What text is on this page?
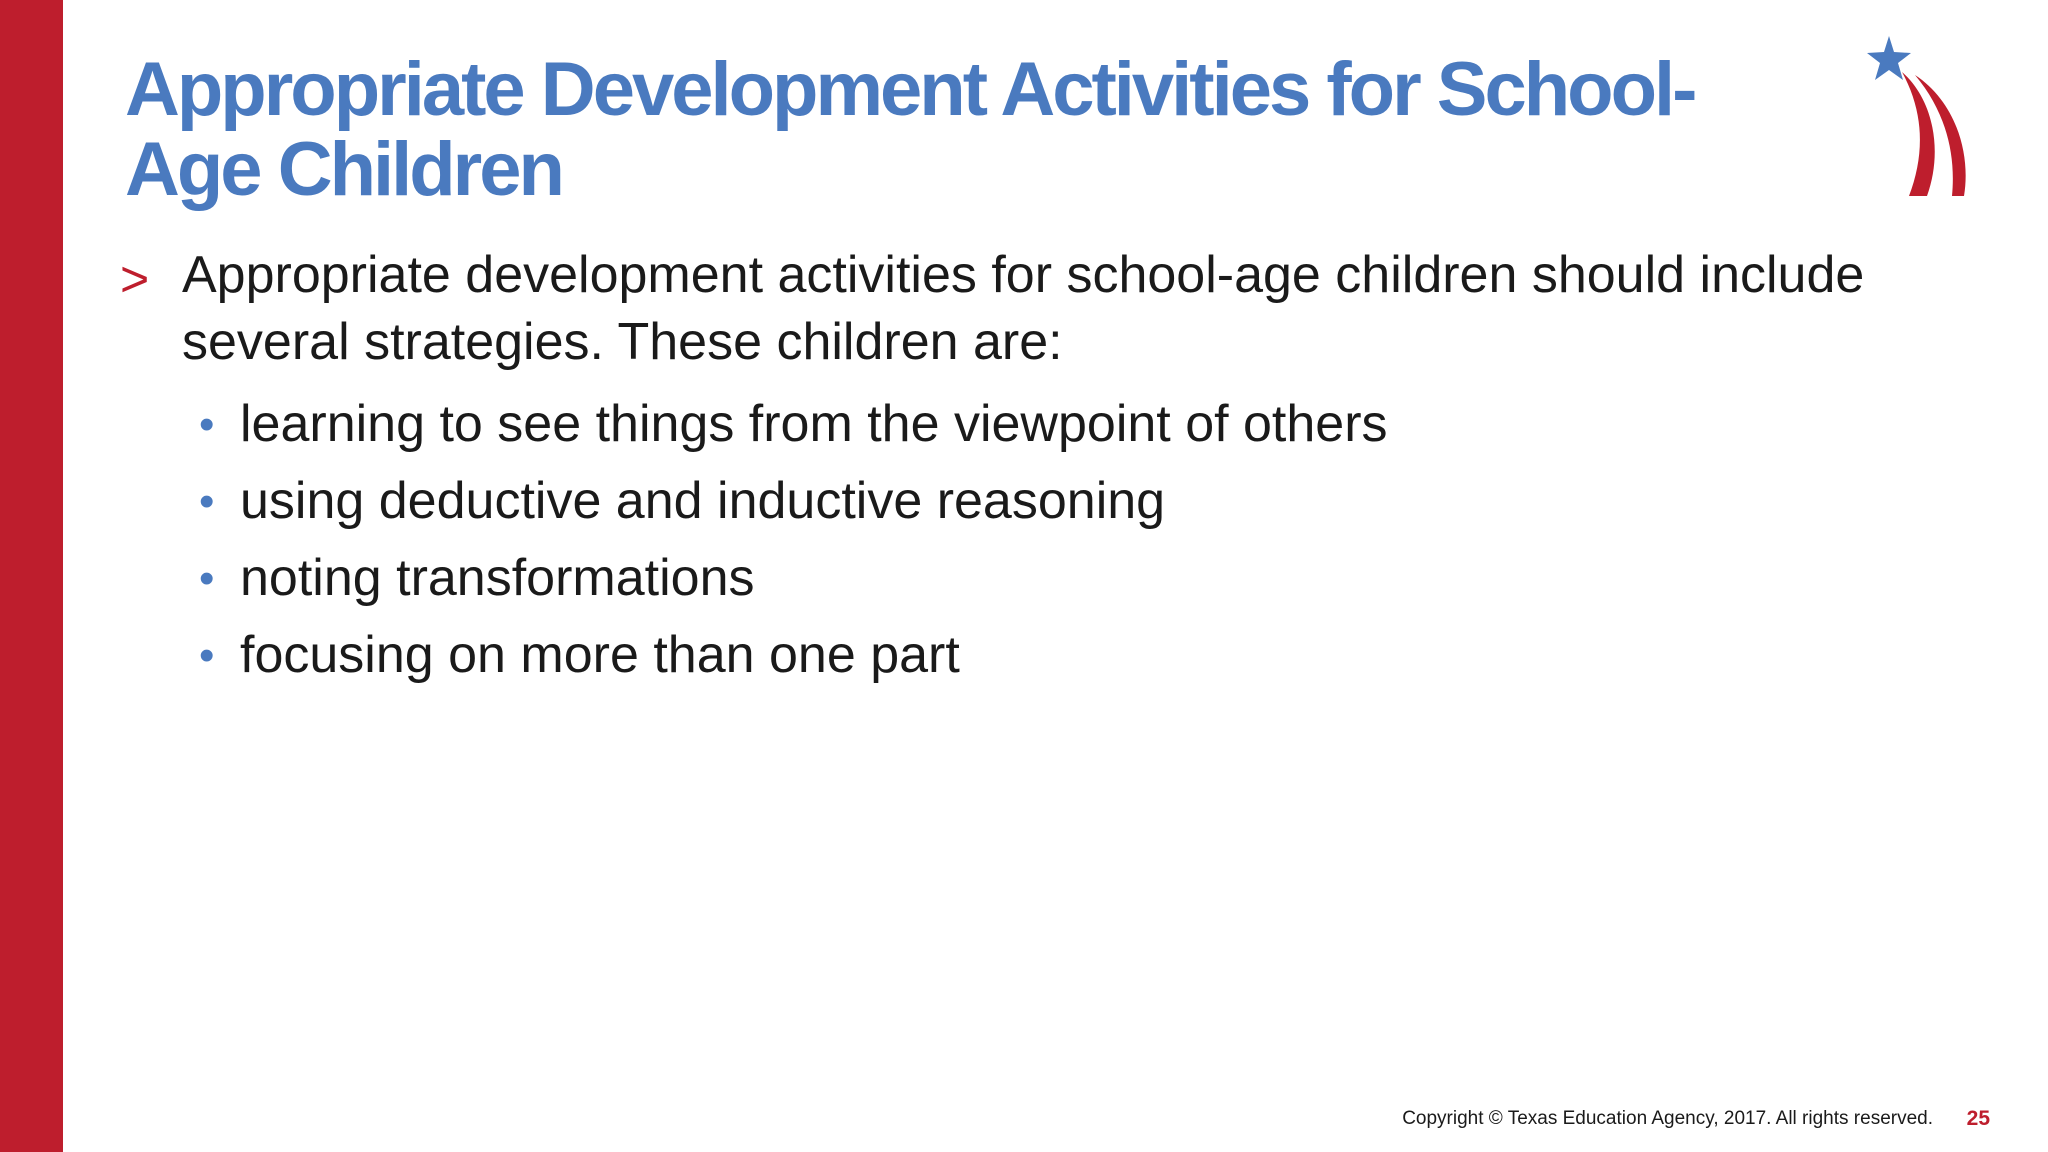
Appropriate Development Activities for School-Age Children
> Appropriate development activities for school-age children should include several strategies. These children are:
• learning to see things from the viewpoint of others
• using deductive and inductive reasoning
• noting transformations
• focusing on more than one part
Copyright © Texas Education Agency, 2017. All rights reserved. 25
